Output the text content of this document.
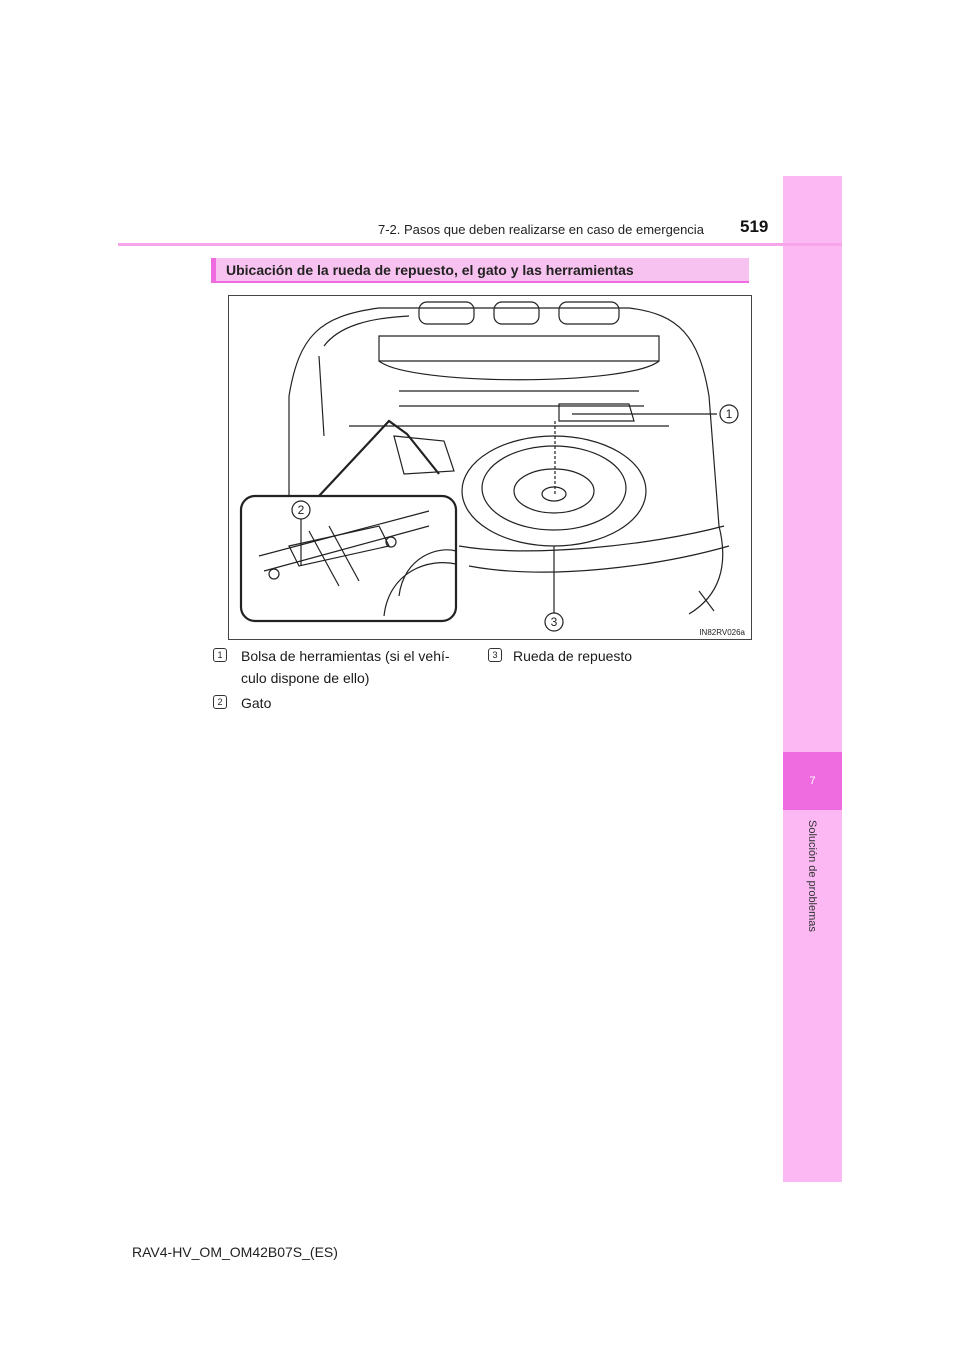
7
Solución de problemas
7-2. Pasos que deben realizarse en caso de emergencia 519
Ubicación de la rueda de repuesto, el gato y las herramientas
1
2
3
IN82RV026a
1	Bolsa de herramientas (si el vehí-
culo dispone de ello)
2	Gato
3	Rueda de repuesto
RAV4-HV_OM_OM42B07S_(ES)
